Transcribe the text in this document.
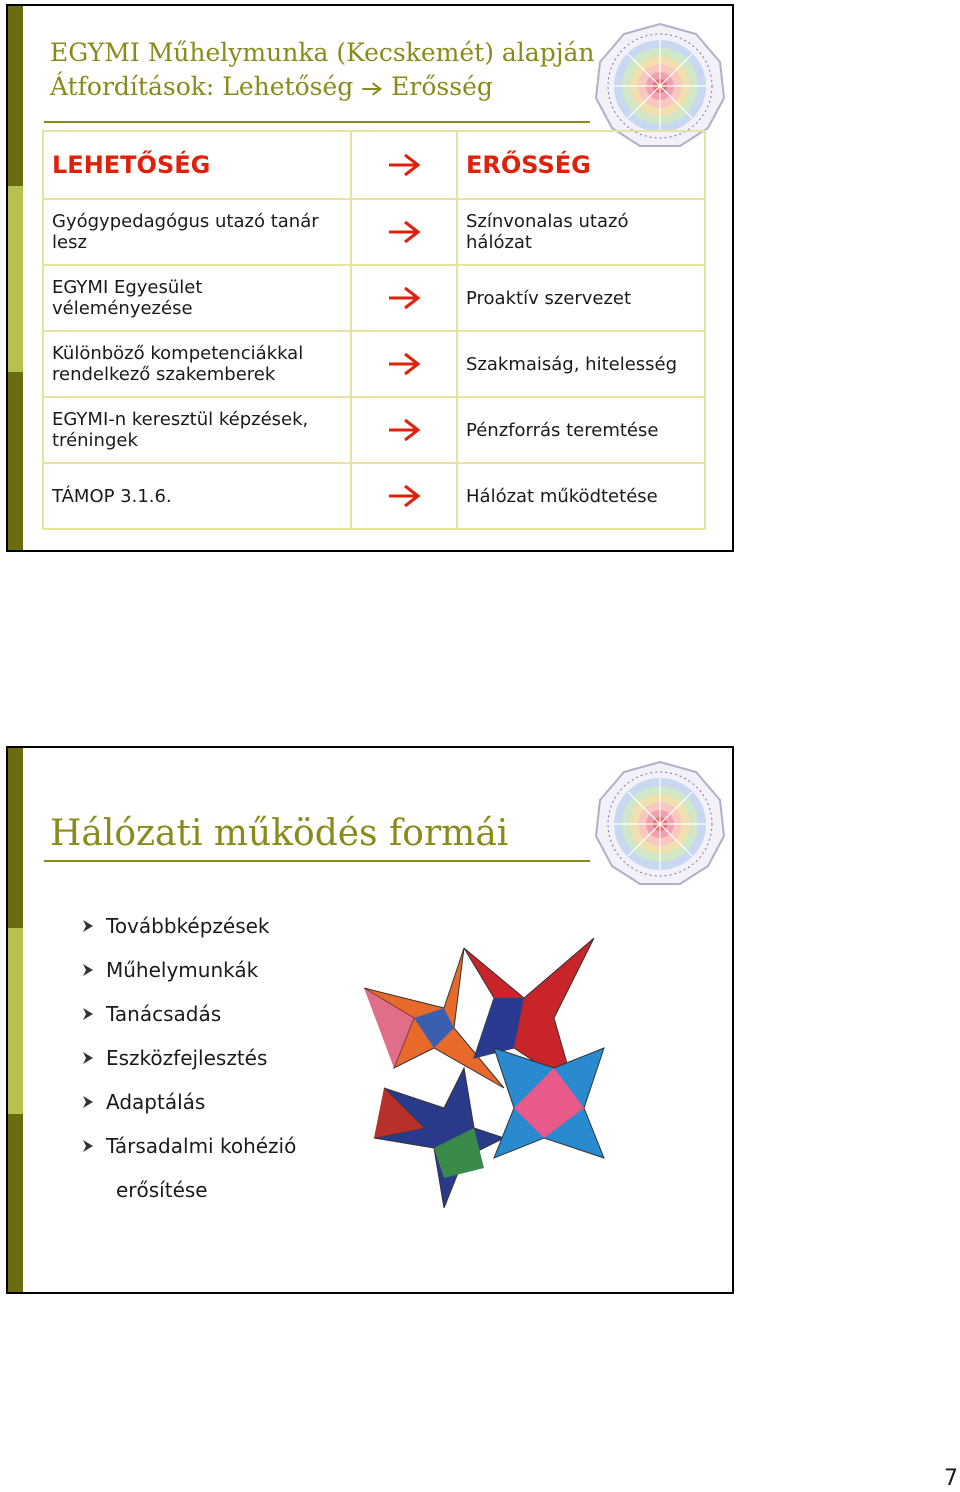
EGYMI Műhelymunka (Kecskemét) alapján
Átfordítások: Lehetőség  Erősség
LEHETŐSÉG		ERŐSSÉG
Gyógypedagógus utazó tanár lesz		Színvonalas utazó hálózat
EGYMI Egyesület véleményezése		Proaktív szervezet
Különböző kompetenciákkal rendelkező szakemberek		Szakmaiság, hitelesség
EGYMI-n keresztül képzések, tréningek		Pénzforrás teremtése
TÁMOP 3.1.6.		Hálózat működtetése
Hálózati működés formái
Továbbképzések
Műhelymunkák
Tanácsadás
Eszközfejlesztés
Adaptálás
Társadalmi kohézió
erősítése
7
